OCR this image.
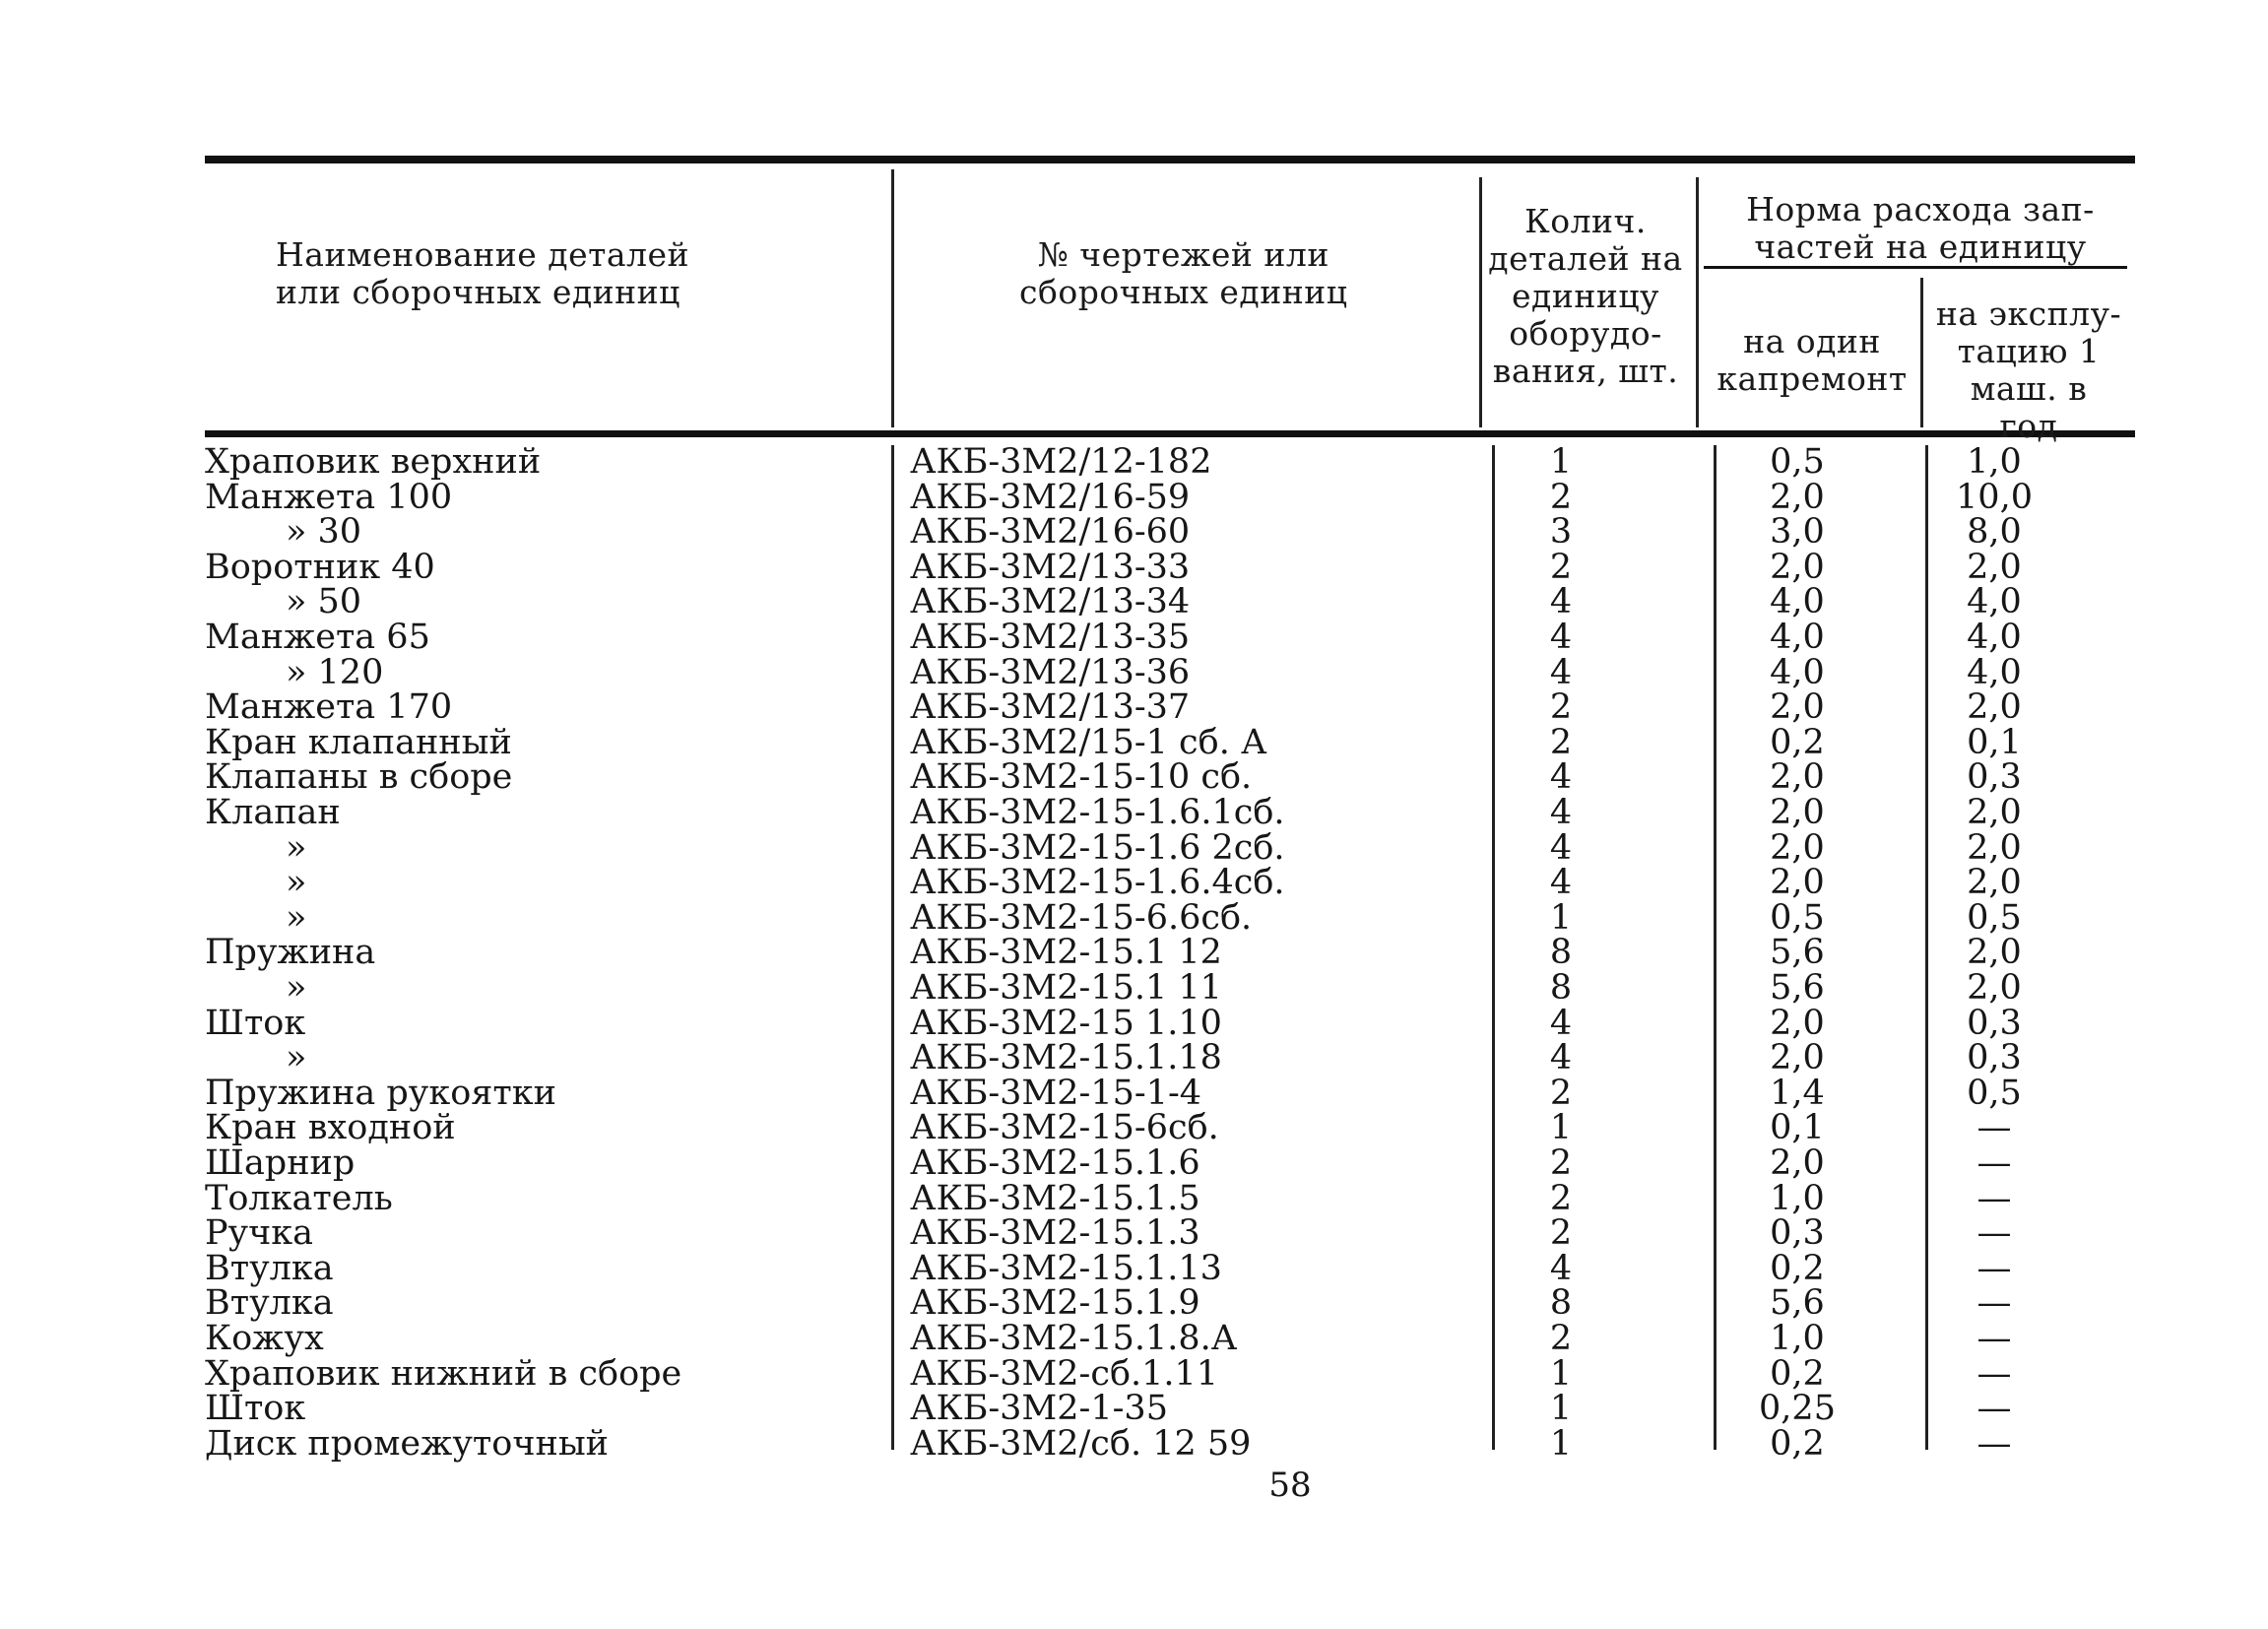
Наименование деталей
или сборочных единиц
№ чертежей или
сборочных единиц
Колич.
деталей на
единицу
оборудо-
вания, шт.
Норма расхода зап-
частей на единицу
на один
капремонт
на эксплу-
тацию 1
маш. в
год
Храповик верхний	АКБ-3М2/12-182	1	0,5	1,0
Манжета 100	АКБ-3М2/16-59	2	2,0	10,0
» 30	АКБ-3М2/16-60	3	3,0	8,0
Воротник 40	АКБ-3М2/13-33	2	2,0	2,0
» 50	АКБ-3М2/13-34	4	4,0	4,0
Манжета 65	АКБ-3М2/13-35	4	4,0	4,0
» 120	АКБ-3М2/13-36	4	4,0	4,0
Манжета 170	АКБ-3М2/13-37	2	2,0	2,0
Кран клапанный	АКБ-3М2/15-1 сб. А	2	0,2	0,1
Клапаны в сборе	АКБ-3М2-15-10 сб.	4	2,0	0,3
Клапан	АКБ-3М2-15-1.6.1сб.	4	2,0	2,0
»	АКБ-3М2-15-1.6 2сб.	4	2,0	2,0
»	АКБ-3М2-15-1.6.4сб.	4	2,0	2,0
»	АКБ-3М2-15-6.6сб.	1	0,5	0,5
Пружина	АКБ-3М2-15.1 12	8	5,6	2,0
»	АКБ-3М2-15.1 11	8	5,6	2,0
Шток	АКБ-3М2-15 1.10	4	2,0	0,3
»	АКБ-3М2-15.1.18	4	2,0	0,3
Пружина рукоятки	АКБ-3М2-15-1-4	2	1,4	0,5
Кран входной	АКБ-3М2-15-6сб.	1	0,1	—
Шарнир	АКБ-3М2-15.1.6	2	2,0	—
Толкатель	АКБ-3М2-15.1.5	2	1,0	—
Ручка	АКБ-3М2-15.1.3	2	0,3	—
Втулка	АКБ-3М2-15.1.13	4	0,2	—
Втулка	АКБ-3М2-15.1.9	8	5,6	—
Кожух	АКБ-3М2-15.1.8.А	2	1,0	—
Храповик нижний в сборе	АКБ-3М2-сб.1.11	1	0,2	—
Шток	АКБ-3М2-1-35	1	0,25	—
Диск промежуточный	АКБ-3М2/сб. 12 59	1	0,2	—
58
